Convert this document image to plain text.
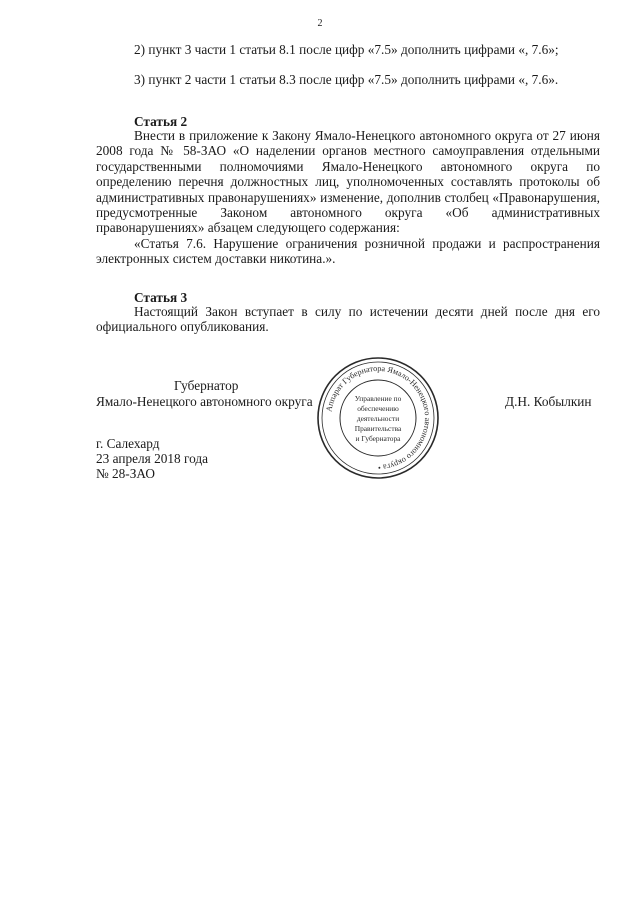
2

2) пункт 3 части 1 статьи 8.1 после цифр «7.5» дополнить цифрами «, 7.6»;

3) пункт 2 части 1 статьи 8.3 после цифр «7.5» дополнить цифрами «, 7.6».

Статья 2

Внести в приложение к Закону Ямало-Ненецкого автономного округа от 27 июня 2008 года № 58-ЗАО «О наделении органов местного самоуправления отдельными государственными полномочиями Ямало-Ненецкого автономного округа по определению перечня должностных лиц, уполномоченных составлять протоколы об административных правонарушениях» изменение, дополнив столбец «Правонарушения, предусмотренные Законом автономного округа «Об административных правонарушениях» абзацем следующего содержания:

«Статья 7.6. Нарушение ограничения розничной продажи и распространения электронных систем доставки никотина.».

Статья 3

Настоящий Закон вступает в силу по истечении десяти дней после дня его официального опубликования.

Губернатор
Ямало-Ненецкого автономного округа	Д.Н. Кобылкин
г. Салехард
23 апреля 2018 года
№ 28-ЗАО
Аппарат Губернатора Ямало-Ненецкого автономного округа •
Управление по
обеспечению
деятельности
Правительства
и Губернатора
